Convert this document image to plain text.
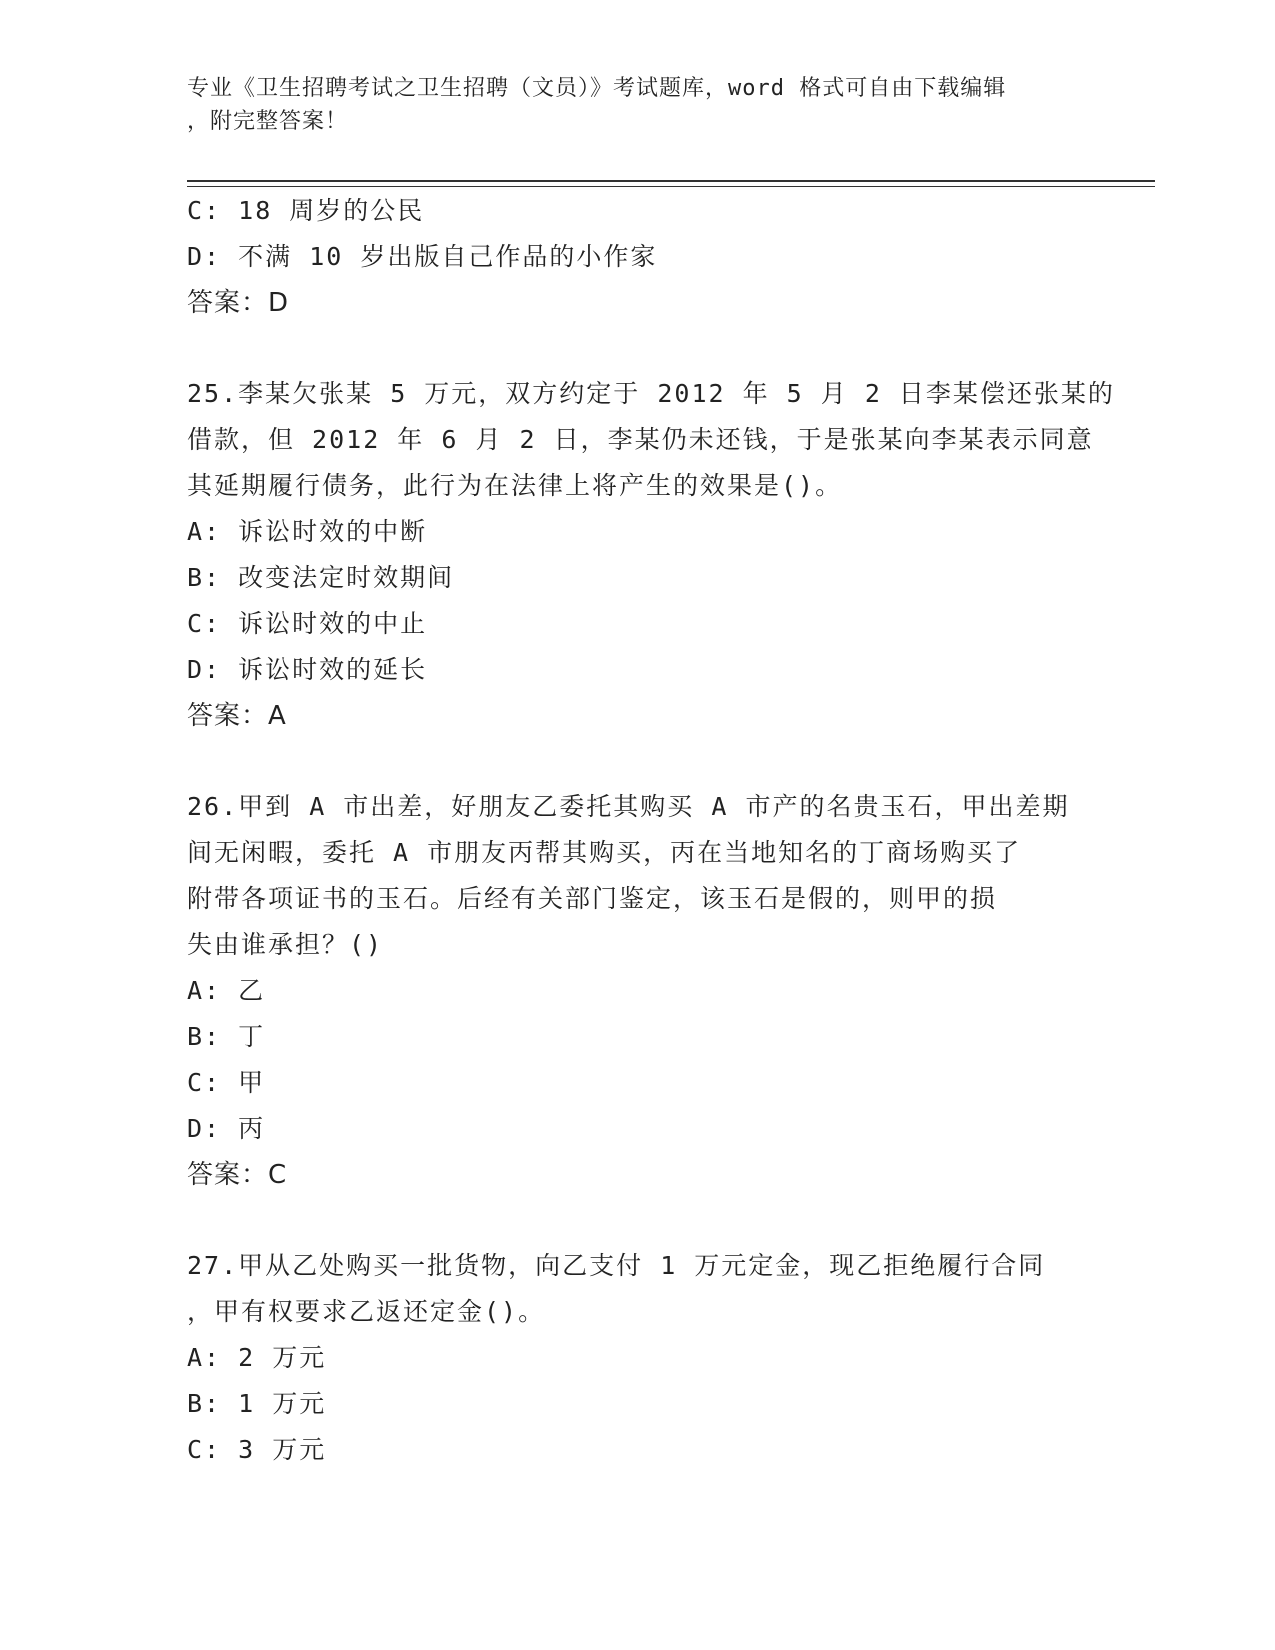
专业《卫生招聘考试之卫生招聘（文员）》考试题库，word 格式可自由下载编辑
，附完整答案！
C: 18 周岁的公民
D: 不满 10 岁出版自己作品的小作家
答案：D
25.李某欠张某 5 万元，双方约定于 2012 年 5 月 2 日李某偿还张某的
借款，但 2012 年 6 月 2 日，李某仍未还钱，于是张某向李某表示同意
其延期履行债务，此行为在法律上将产生的效果是()。
A: 诉讼时效的中断
B: 改变法定时效期间
C: 诉讼时效的中止
D: 诉讼时效的延长
答案：A
26.甲到 A 市出差，好朋友乙委托其购买 A 市产的名贵玉石，甲出差期
间无闲暇，委托 A 市朋友丙帮其购买，丙在当地知名的丁商场购买了
附带各项证书的玉石。后经有关部门鉴定，该玉石是假的，则甲的损
失由谁承担？()
A: 乙
B: 丁
C: 甲
D: 丙
答案：C
27.甲从乙处购买一批货物，向乙支付 1 万元定金，现乙拒绝履行合同
，甲有权要求乙返还定金()。
A: 2 万元
B: 1 万元
C: 3 万元
